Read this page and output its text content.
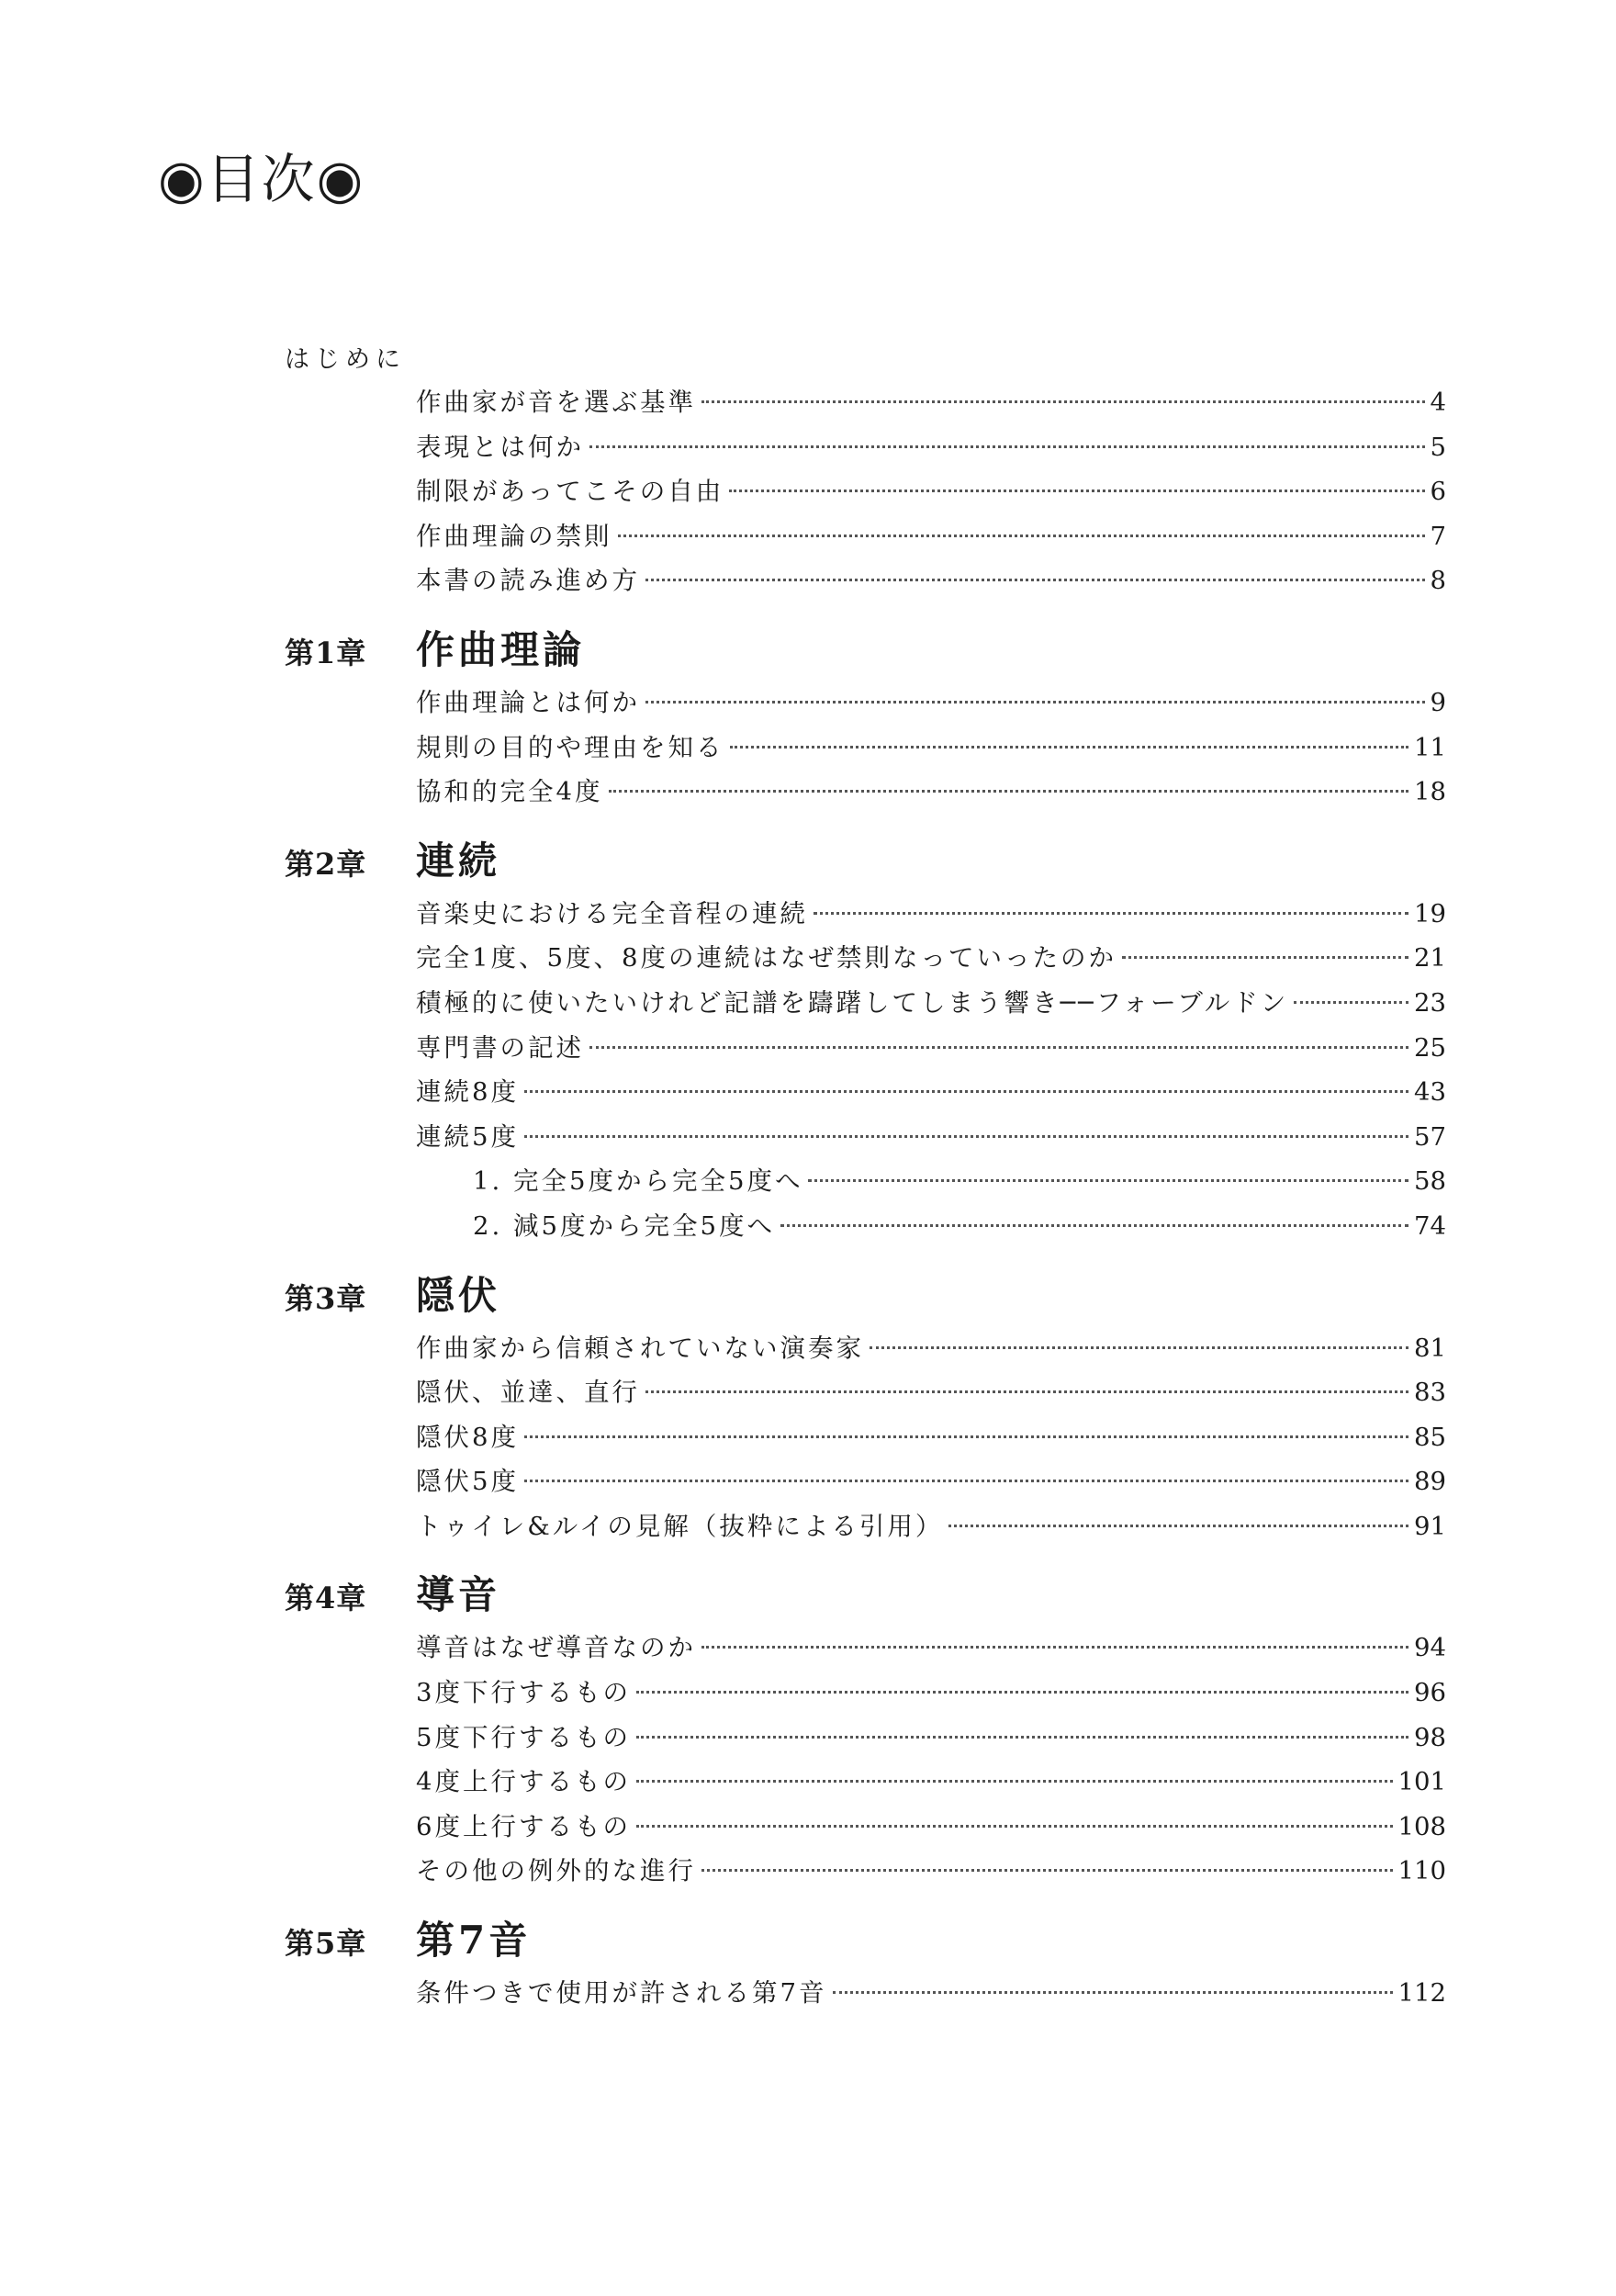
◉目次◉
はじめに
作曲家が音を選ぶ基準	4
表現とは何か	5
制限があってこその自由	6
作曲理論の禁則	7
本書の読み進め方	8
第1章	作曲理論
作曲理論とは何か	9
規則の目的や理由を知る	11
協和的完全4度	18
第2章	連続
音楽史における完全音程の連続	19
完全1度、5度、8度の連続はなぜ禁則なっていったのか	21
積極的に使いたいけれど記譜を躊躇してしまう響き──フォーブルドン	23
専門書の記述	25
連続8度	43
連続5度	57
1. 完全5度から完全5度へ	58
2. 減5度から完全5度へ	74
第3章	隠伏
作曲家から信頼されていない演奏家	81
隠伏、並達、直行	83
隠伏8度	85
隠伏5度	89
トゥイレ&ルイの見解（抜粋による引用）	91
第4章	導音
導音はなぜ導音なのか	94
3度下行するもの	96
5度下行するもの	98
4度上行するもの	101
6度上行するもの	108
その他の例外的な進行	110
第5章	第7音
条件つきで使用が許される第7音	112
